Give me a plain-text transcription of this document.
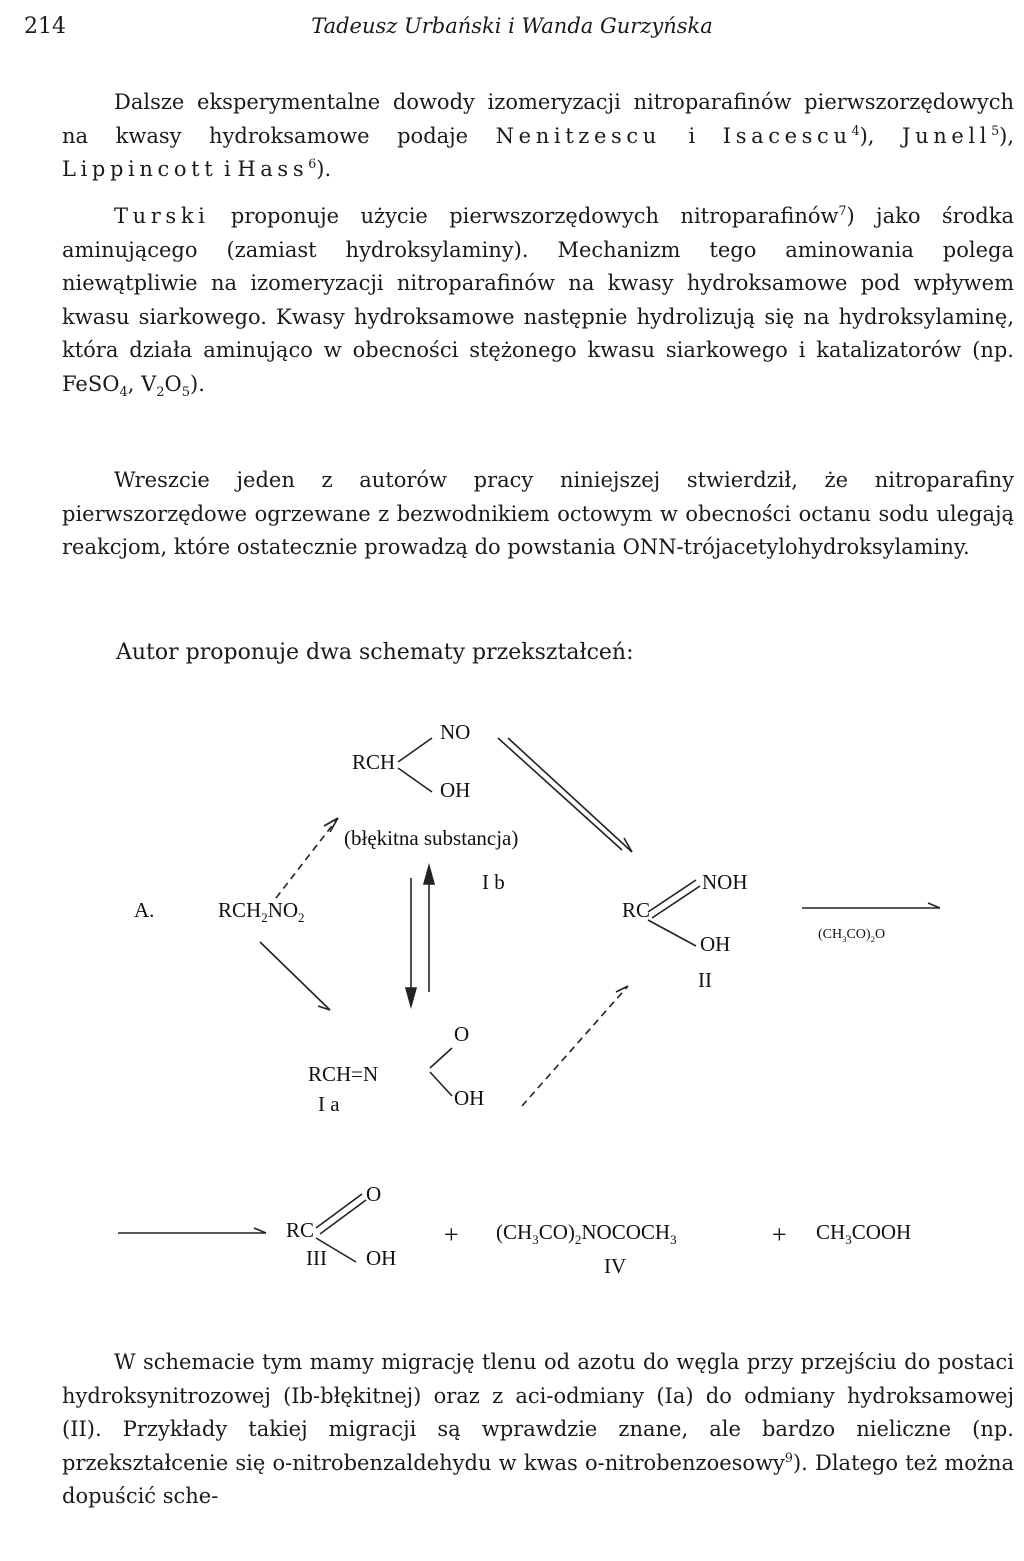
214	Tadeusz Urbański i Wanda Gurzyńska

Dalsze eksperymentalne dowody izomeryzacji nitroparafinów pierwszorzędowych na kwasy hydroksamowe podaje Nenitzescu i Isacescu$^4$), Junell$^5$), Lippincott i Hass$^6$).

Turski proponuje użycie pierwszorzędowych nitroparafinów$^7$) jako środka aminującego (zamiast hydroksylaminy). Mechanizm tego aminowania polega niewątpliwie na izomeryzacji nitroparafinów na kwasy hydroksamowe pod wpływem kwasu siarkowego. Kwasy hydroksamowe następnie hydrolizują się na hydroksylaminę, która działa aminująco w obecności stężonego kwasu siarkowego i katalizatorów (np. FeSO$_4$, $V_2O_5$).

Wreszcie jeden z autorów pracy niniejszej stwierdził, że nitroparafiny pierwszorzędowe ogrzewane z bezwodnikiem octowym w obecności octanu sodu ulegają reakcjom, które ostatecznie prowadzą do powstania ONN-trójacetylohydroksylaminy.

Autor proponuje dwa schematy przekształceń:
RCH
NO
OH
(błękitna substancja)
A.	$RCH_2NO_2$
I b
RC
NOH
OH
II
$(CH_3CO)_2O$
RCH=N
O
OH
I a
RC
O
OH
III
+ $(CH_3CO)_2NOCOCH_3$
IV
+ $CH_3COOH$

W schemacie tym mamy migrację tlenu od azotu do węgla przy przejściu do postaci hydroksynitrozowej (Ib-błękitnej) oraz z aci-odmiany (Ia) do odmiany hydroksamowej (II). Przykłady takiej migracji są wprawdzie znane, ale bardzo nieliczne (np. przekształcenie się o-nitrobenzaldehydu w kwas o-nitrobenzoesowy$^9$). Dlatego też można dopuścić sche-
